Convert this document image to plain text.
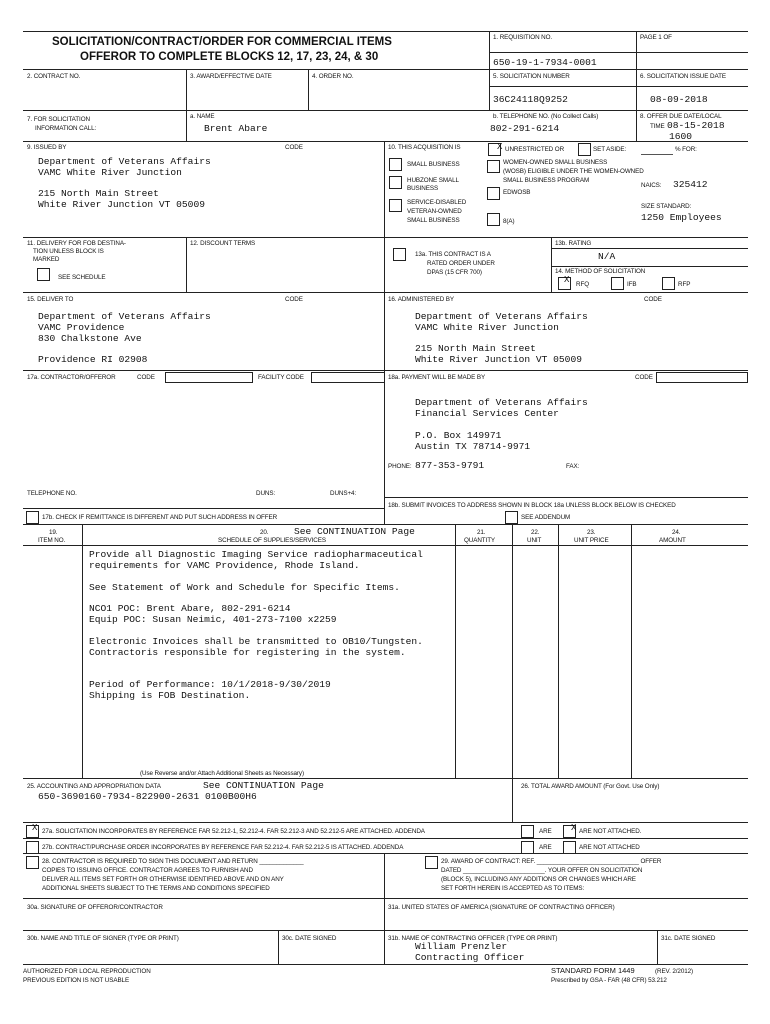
SOLICITATION/CONTRACT/ORDER FOR COMMERCIAL ITEMS
OFFEROR TO COMPLETE BLOCKS 12, 17, 23, 24, & 30
1. REQUISITION NO.
650-19-1-7934-0001
PAGE 1 OF
2. CONTRACT NO.	3. AWARD/EFFECTIVE DATE	4. ORDER NO.	5. SOLICITATION NUMBER
36C24118Q9252
6. SOLICITATION ISSUE DATE
08-09-2018
7. FOR SOLICITATION
INFORMATION CALL:
a. NAME
Brent Abare
b. TELEPHONE NO. (No Collect Calls)
802-291-6214
8. OFFER DUE DATE/LOCAL
TIME 08-15-2018
1600
9. ISSUED BY	CODE
Department of Veterans Affairs
VAMC White River Junction
215 North Main Street
White River Junction VT 05009
10. THIS ACQUISITION IS	X UNRESTRICTED OR	SET ASIDE:	% FOR:
SMALL BUSINESS
HUBZONE SMALL
BUSINESS
SERVICE-DISABLED
VETERAN-OWNED
SMALL BUSINESS
WOMEN-OWNED SMALL BUSINESS
(WOSB) ELIGIBLE UNDER THE WOMEN-OWNED
SMALL BUSINESS PROGRAM
EDWOSB
8(A)
NAICS: 325412
SIZE STANDARD:
1250 Employees
11. DELIVERY FOR FOB DESTINA-
TION UNLESS BLOCK IS
MARKED
SEE SCHEDULE
12. DISCOUNT TERMS
13a. THIS CONTRACT IS A
RATED ORDER UNDER
DPAS (15 CFR 700)
13b. RATING
N/A
14. METHOD OF SOLICITATION
X RFQ	IFB	RFP
15. DELIVER TO	CODE
Department of Veterans Affairs
VAMC Providence
830 Chalkstone Ave
Providence RI 02908
16. ADMINISTERED BY	CODE
Department of Veterans Affairs
VAMC White River Junction
215 North Main Street
White River Junction VT 05009
17a. CONTRACTOR/OFFEROR	CODE	FACILITY CODE
TELEPHONE NO.	DUNS:	DUNS+4:
17b. CHECK IF REMITTANCE IS DIFFERENT AND PUT SUCH ADDRESS IN OFFER
18a. PAYMENT WILL BE MADE BY	CODE
Department of Veterans Affairs
Financial Services Center
P.O. Box 149971
Austin TX 78714-9971
PHONE: 877-353-9791	FAX:
18b. SUBMIT INVOICES TO ADDRESS SHOWN IN BLOCK 18a UNLESS BLOCK BELOW IS CHECKED
SEE ADDENDUM
19.
ITEM NO.
20.	See CONTINUATION Page
SCHEDULE OF SUPPLIES/SERVICES
21.
QUANTITY
22.
UNIT
23.
UNIT PRICE
24.
AMOUNT
Provide all Diagnostic Imaging Service radiopharmaceutical
requirements for VAMC Providence, Rhode Island.
See Statement of Work and Schedule for Specific Items.
NCO1 POC: Brent Abare, 802-291-6214
Equip POC: Susan Neimic, 401-273-7100 x2259
Electronic Invoices shall be transmitted to OB10/Tungsten.
Contractoris responsible for registering in the system.
Period of Performance: 10/1/2018-9/30/2019
Shipping is FOB Destination.
(Use Reverse and/or Attach Additional Sheets as Necessary)
25. ACCOUNTING AND APPROPRIATION DATA	See CONTINUATION Page
650-3690160-7934-822900-2631 0100B00H6
26. TOTAL AWARD AMOUNT (For Govt. Use Only)
X 27a. SOLICITATION INCORPORATES BY REFERENCE FAR 52.212-1, 52.212-4. FAR 52.212-3 AND 52.212-5 ARE ATTACHED. ADDENDA	ARE X ARE NOT ATTACHED.
27b. CONTRACT/PURCHASE ORDER INCORPORATES BY REFERENCE FAR 52.212-4. FAR 52.212-5 IS ATTACHED. ADDENDA	ARE	ARE NOT ATTACHED
28. CONTRACTOR IS REQUIRED TO SIGN THIS DOCUMENT AND RETURN _____________
COPIES TO ISSUING OFFICE. CONTRACTOR AGREES TO FURNISH AND
DELIVER ALL ITEMS SET FORTH OR OTHERWISE IDENTIFIED ABOVE AND ON ANY
ADDITIONAL SHEETS SUBJECT TO THE TERMS AND CONDITIONS SPECIFIED
29. AWARD OF CONTRACT: REF. ______________________________ OFFER
DATED ________________________. YOUR OFFER ON SOLICITATION
(BLOCK 5), INCLUDING ANY ADDITIONS OR CHANGES WHICH ARE
SET FORTH HEREIN IS ACCEPTED AS TO ITEMS:
30a. SIGNATURE OF OFFEROR/CONTRACTOR	31a. UNITED STATES OF AMERICA (SIGNATURE OF CONTRACTING OFFICER)
30b. NAME AND TITLE OF SIGNER (TYPE OR PRINT)	30c. DATE SIGNED	31b. NAME OF CONTRACTING OFFICER (TYPE OR PRINT)	31c. DATE SIGNED
William Prenzler
Contracting Officer
AUTHORIZED FOR LOCAL REPRODUCTION
PREVIOUS EDITION IS NOT USABLE
STANDARD FORM 1449	(REV. 2/2012)
Prescribed by GSA - FAR (48 CFR) 53.212
